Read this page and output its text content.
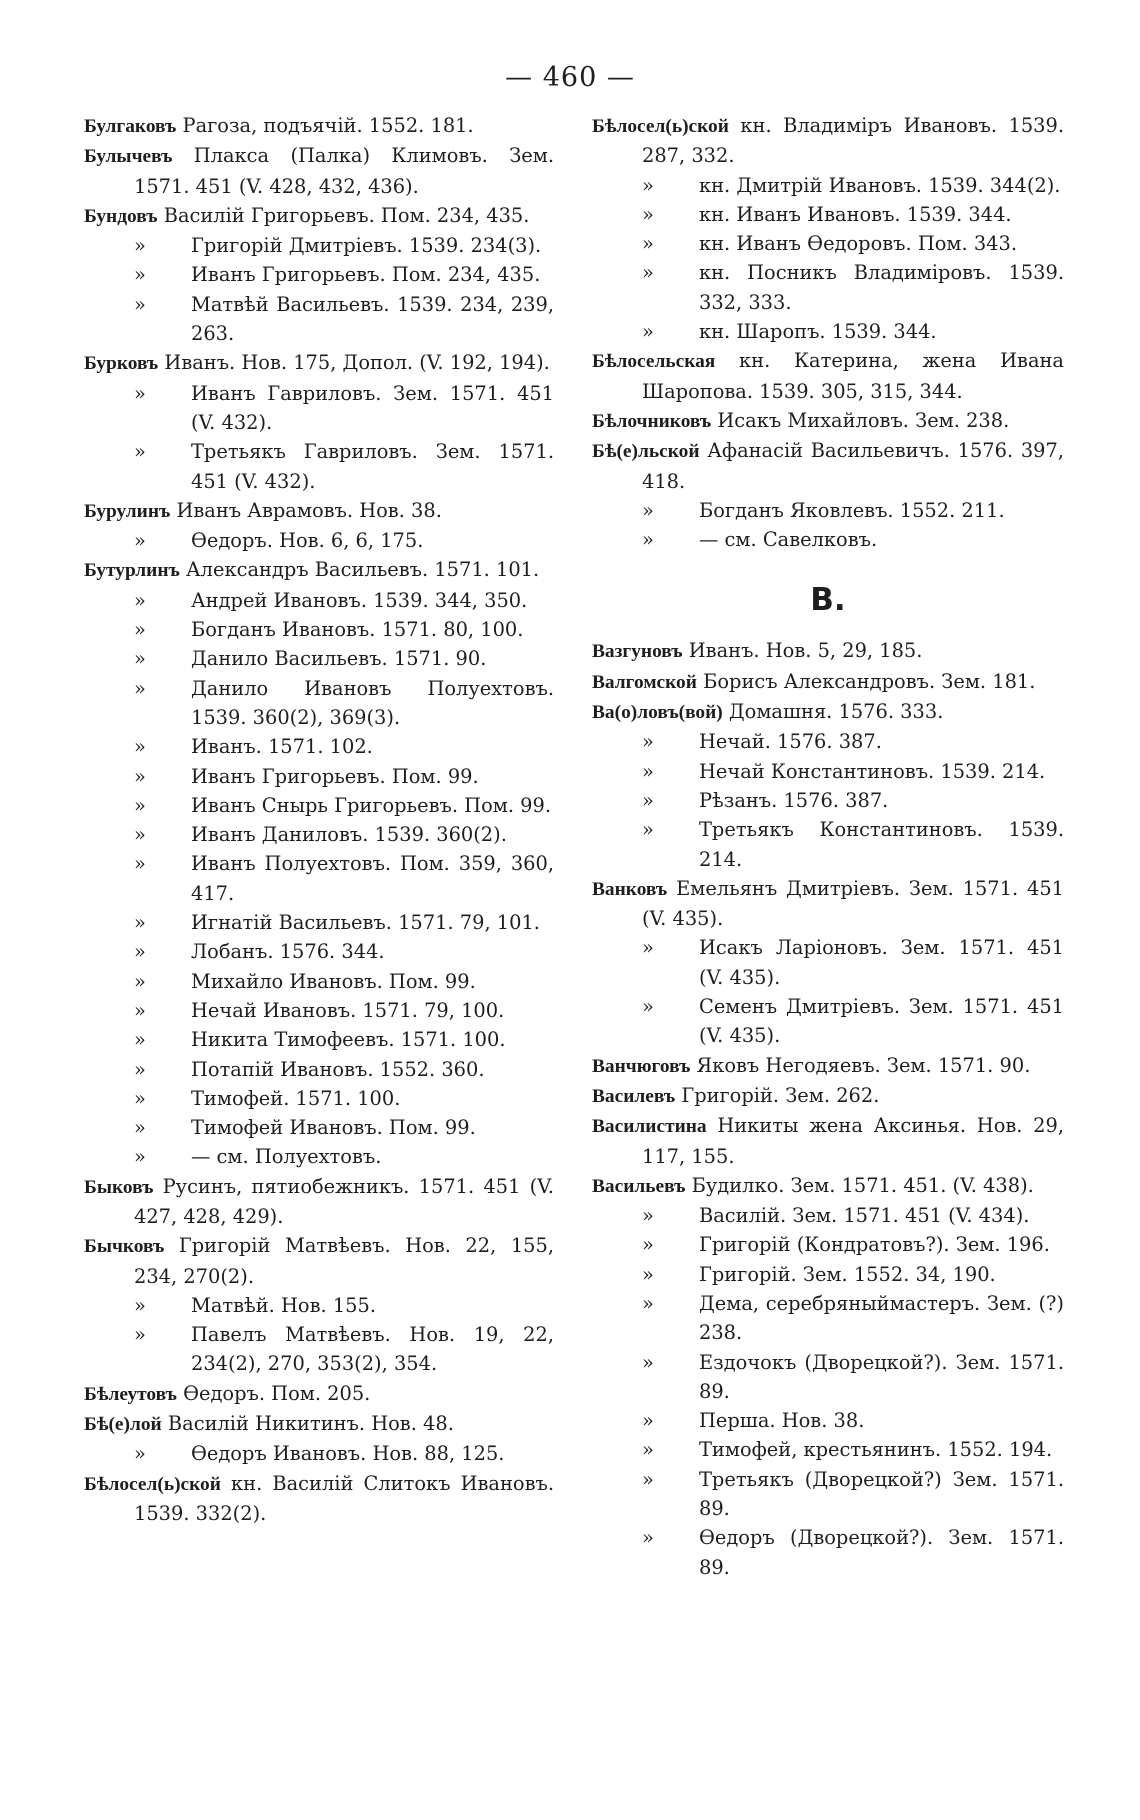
— 460 —
Булгаковъ Рагоза, подъячій. 1552. 181.
Булычевъ Плакса (Палка) Климовъ. Зем. 1571. 451 (V. 428, 432, 436).
Бундовъ Василій Григорьевъ. Пом. 234, 435.
» Григорій Дмитріевъ. 1539. 234(3).
» Иванъ Григорьевъ. Пом. 234, 435.
» Матвѣй Васильевъ. 1539. 234, 239, 263.
Бурковъ Иванъ. Нов. 175, Допол. (V. 192, 194).
» Иванъ Гавриловъ. Зем. 1571. 451 (V. 432).
» Третьякъ Гавриловъ. Зем. 1571. 451 (V. 432).
Бурулинъ Иванъ Аврамовъ. Нов. 38.
» Ѳедоръ. Нов. 6, 6, 175.
Бутурлинъ Александръ Васильевъ. 1571. 101.
» Андрей Ивановъ. 1539. 344, 350.
» Богданъ Ивановъ. 1571. 80, 100.
» Данило Васильевъ. 1571. 90.
» Данило Ивановъ Полуехтовъ. 1539. 360(2), 369(3).
» Иванъ. 1571. 102.
» Иванъ Григорьевъ. Пом. 99.
» Иванъ Снырь Григорьевъ. Пом. 99.
» Иванъ Даниловъ. 1539. 360(2).
» Иванъ Полуехтовъ. Пом. 359, 360, 417.
» Игнатій Васильевъ. 1571. 79, 101.
» Лобанъ. 1576. 344.
» Михайло Ивановъ. Пом. 99.
» Нечай Ивановъ. 1571. 79, 100.
» Никита Тимофеевъ. 1571. 100.
» Потапій Ивановъ. 1552. 360.
» Тимофей. 1571. 100.
» Тимофей Ивановъ. Пом. 99.
» — см. Полуехтовъ.
Быковъ Русинъ, пятиобежникъ. 1571. 451 (V. 427, 428, 429).
Бычковъ Григорій Матвѣевъ. Нов. 22, 155, 234, 270(2).
» Матвѣй. Нов. 155.
» Павелъ Матвѣевъ. Нов. 19, 22, 234(2), 270, 353(2), 354.
Бѣлеутовъ Ѳедоръ. Пом. 205.
Бѣ(е)лой Василій Никитинъ. Нов. 48.
» Ѳедоръ Ивановъ. Нов. 88, 125.
Бѣлосел(ь)ской кн. Василій Слитокъ Ивановъ. 1539. 332(2).
Бѣлосел(ь)ской кн. Владиміръ Ивановъ. 1539. 287, 332.
» кн. Дмитрій Ивановъ. 1539. 344(2).
» кн. Иванъ Ивановъ. 1539. 344.
» кн. Иванъ Ѳедоровъ. Пом. 343.
» кн. Посникъ Владиміровъ. 1539. 332, 333.
» кн. Шаропъ. 1539. 344.
Бѣлосельская кн. Катерина, жена Ивана Шаропова. 1539. 305, 315, 344.
Бѣлочниковъ Исакъ Михайловъ. Зем. 238.
Бѣ(е)льской Афанасій Васильевичъ. 1576. 397, 418.
» Богданъ Яковлевъ. 1552. 211.
» — см. Савелковъ.
В.
Вазгуновъ Иванъ. Нов. 5, 29, 185.
Валгомской Борисъ Александровъ. Зем. 181.
Ва(о)ловъ(вой) Домашня. 1576. 333.
» Нечай. 1576. 387.
» Нечай Константиновъ. 1539. 214.
» Рѣзанъ. 1576. 387.
» Третьякъ Константиновъ. 1539. 214.
Ванковъ Емельянъ Дмитріевъ. Зем. 1571. 451 (V. 435).
» Исакъ Ларіоновъ. Зем. 1571. 451 (V. 435).
» Семенъ Дмитріевъ. Зем. 1571. 451 (V. 435).
Ванчюговъ Яковъ Негодяевъ. Зем. 1571. 90.
Василевъ Григорій. Зем. 262.
Василистина Никиты жена Аксинья. Нов. 29, 117, 155.
Васильевъ Будилко. Зем. 1571. 451. (V. 438).
» Василій. Зем. 1571. 451 (V. 434).
» Григорій (Кондратовъ?). Зем. 196.
» Григорій. Зем. 1552. 34, 190.
» Дема, серебряныймастеръ. Зем. (?) 238.
» Ездочокъ (Дворецкой?). Зем. 1571. 89.
» Перша. Нов. 38.
» Тимофей, крестьянинъ. 1552. 194.
» Третьякъ (Дворецкой?) Зем. 1571. 89.
» Ѳедоръ (Дворецкой?). Зем. 1571. 89.
